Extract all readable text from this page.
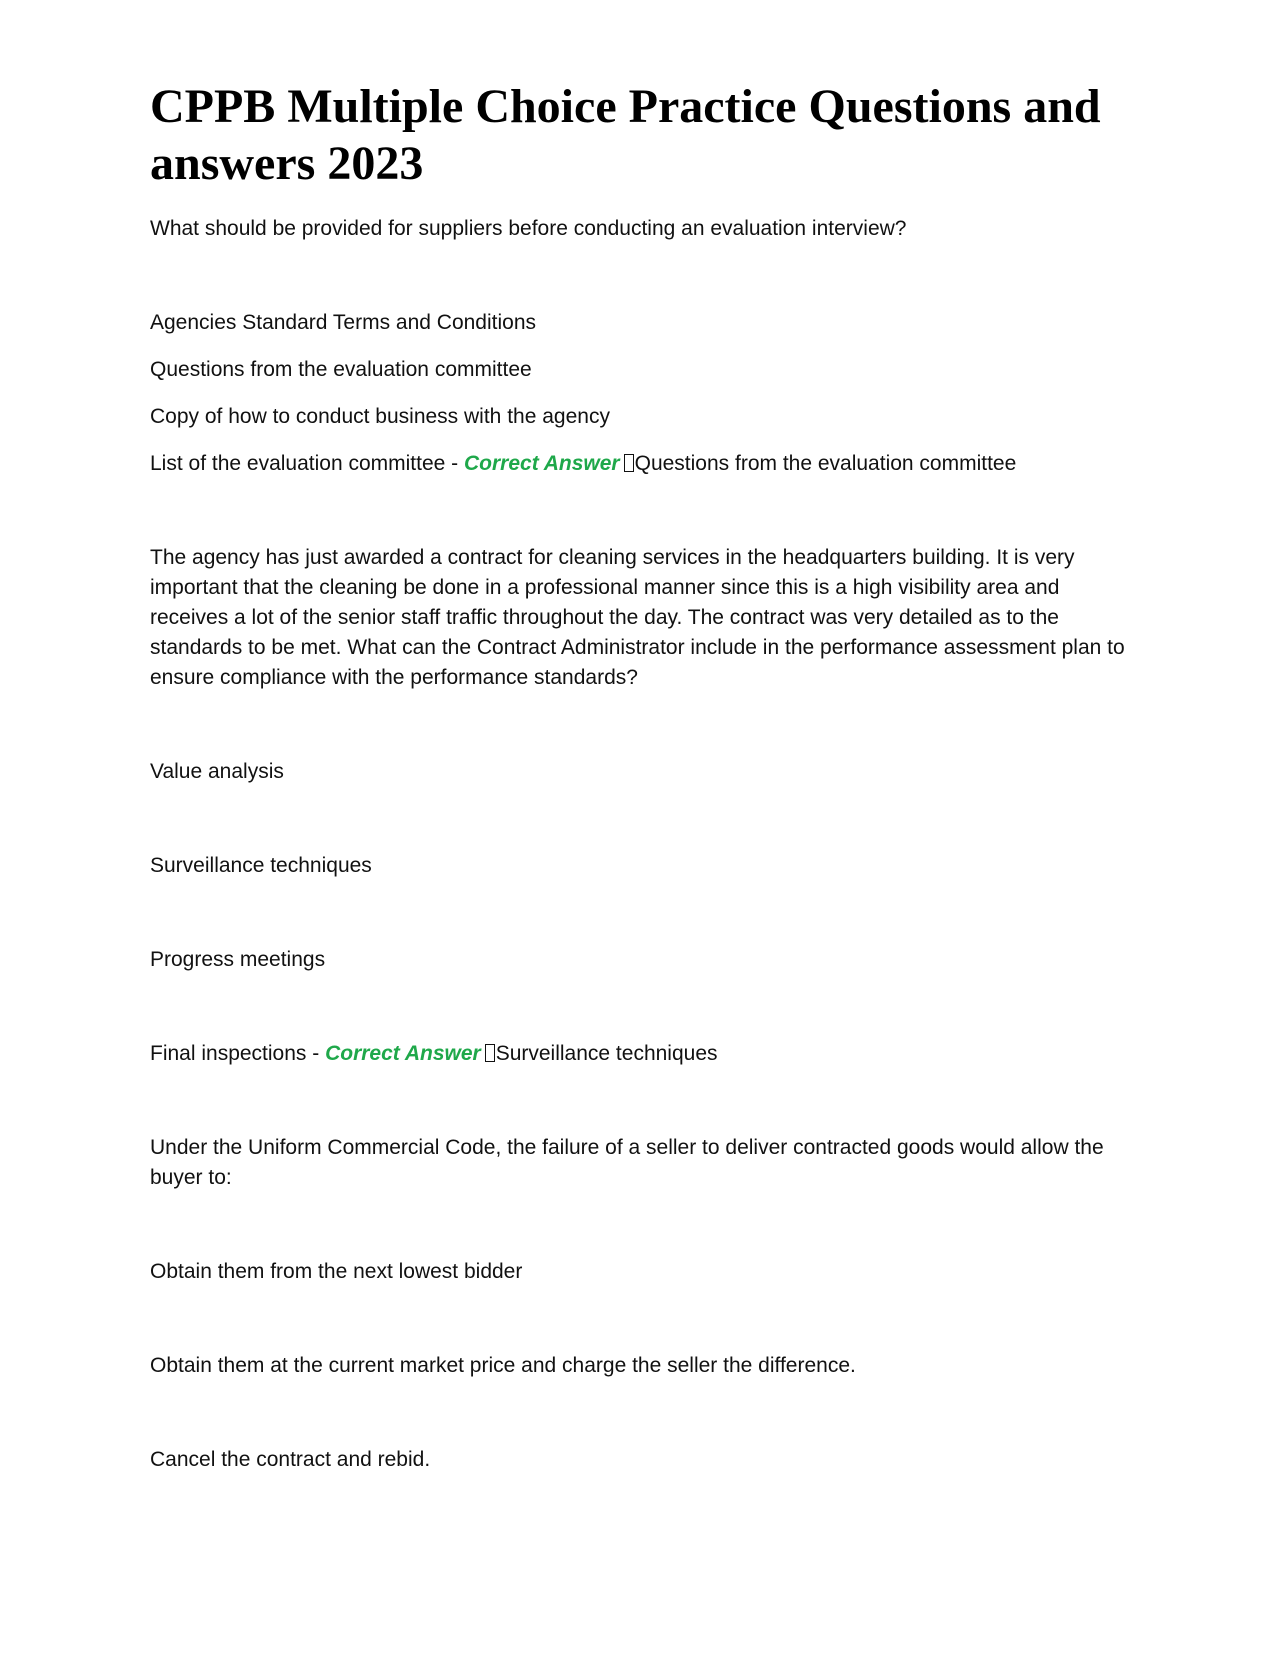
CPPB Multiple Choice Practice Questions and answers 2023

What should be provided for suppliers before conducting an evaluation interview?

Agencies Standard Terms and Conditions

Questions from the evaluation committee

Copy of how to conduct business with the agency

List of the evaluation committee - Correct Answer Questions from the evaluation committee

The agency has just awarded a contract for cleaning services in the headquarters building. It is very important that the cleaning be done in a professional manner since this is a high visibility area and receives a lot of the senior staff traffic throughout the day. The contract was very detailed as to the standards to be met. What can the Contract Administrator include in the performance assessment plan to ensure compliance with the performance standards?

Value analysis

Surveillance techniques

Progress meetings

Final inspections - Correct Answer Surveillance techniques

Under the Uniform Commercial Code, the failure of a seller to deliver contracted goods would allow the buyer to:

Obtain them from the next lowest bidder

Obtain them at the current market price and charge the seller the difference.

Cancel the contract and rebid.
